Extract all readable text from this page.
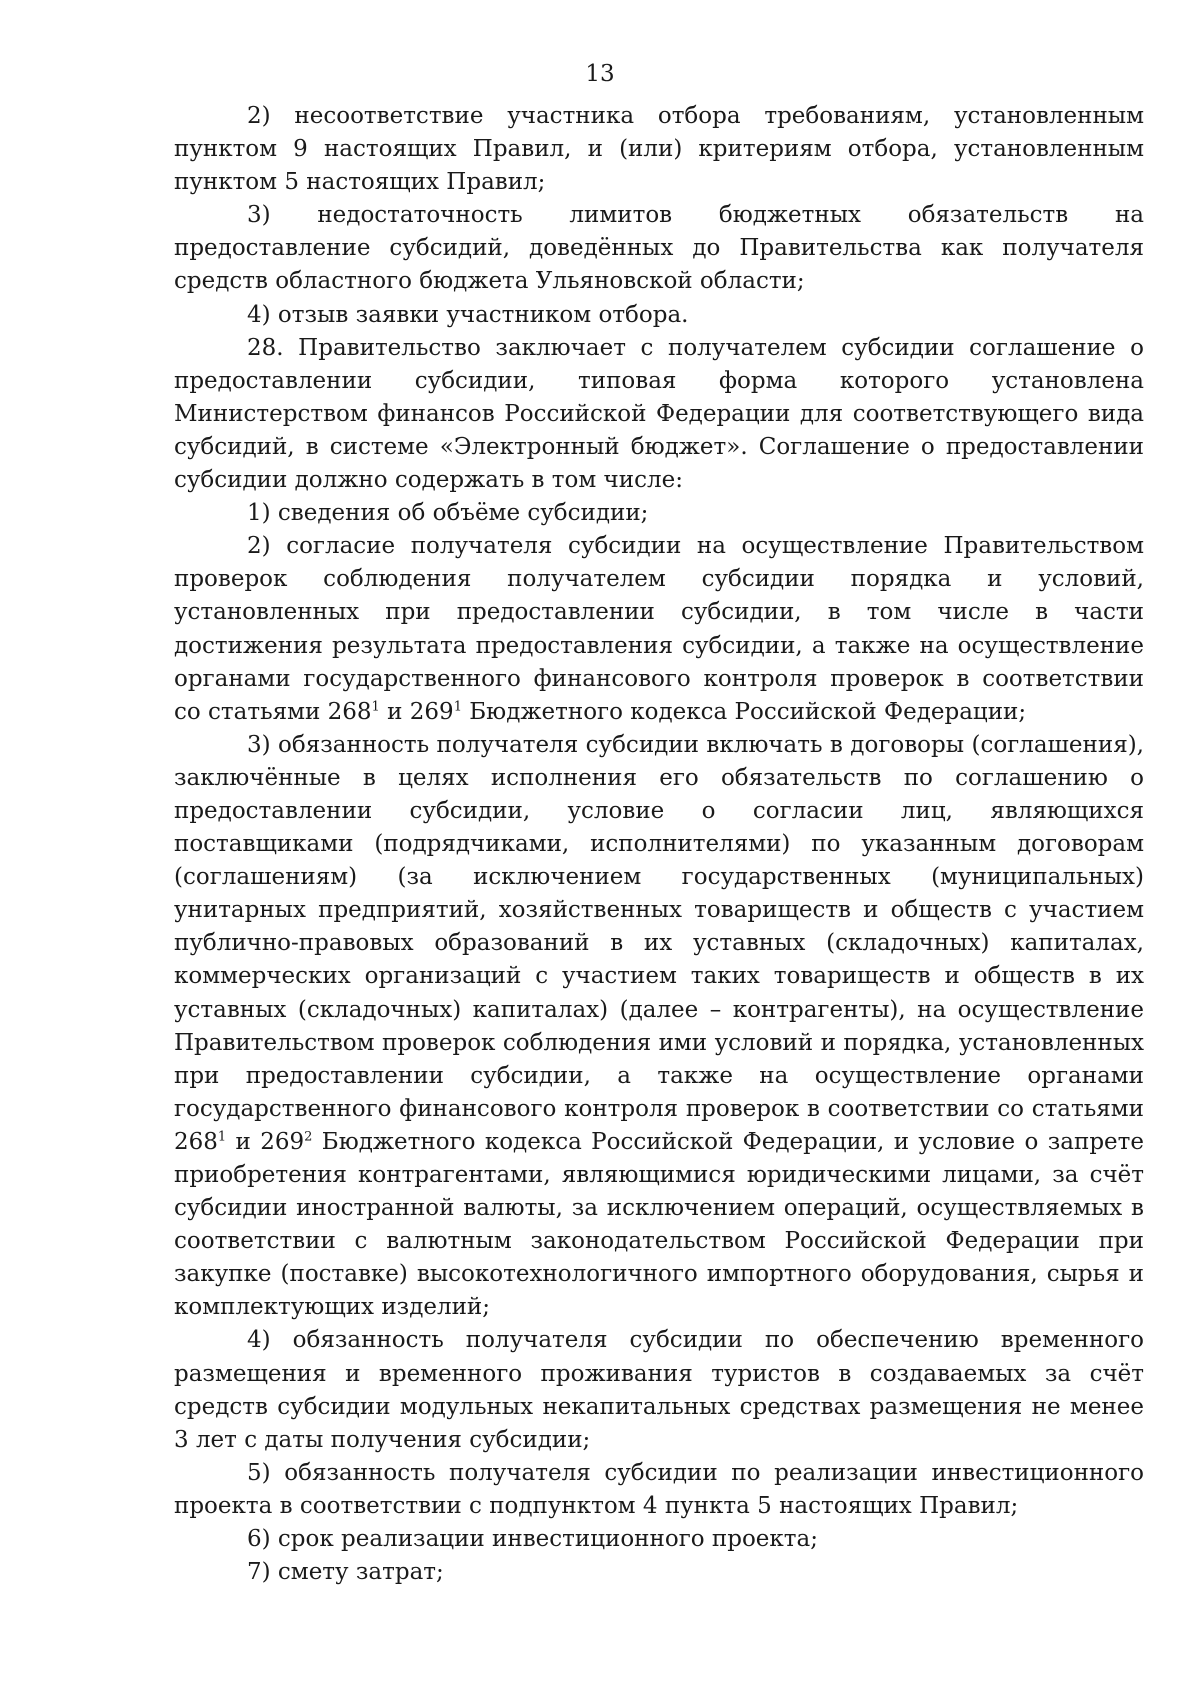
13

2) несоответствие участника отбора требованиям, установленным пунктом 9 настоящих Правил, и (или) критериям отбора, установленным пунктом 5 настоящих Правил;

3) недостаточность лимитов бюджетных обязательств на предоставление субсидий, доведённых до Правительства как получателя средств областного бюджета Ульяновской области;

4) отзыв заявки участником отбора.

28. Правительство заключает с получателем субсидии соглашение о предоставлении субсидии, типовая форма которого установлена Министерством финансов Российской Федерации для соответствующего вида субсидий, в системе «Электронный бюджет». Соглашение о предоставлении субсидии должно содержать в том числе:

1) сведения об объёме субсидии;

2) согласие получателя субсидии на осуществление Правительством проверок соблюдения получателем субсидии порядка и условий, установленных при предоставлении субсидии, в том числе в части достижения результата предоставления субсидии, а также на осуществление органами государственного финансового контроля проверок в соответствии со статьями $268^1$ и $269^1$ Бюджетного кодекса Российской Федерации;

3) обязанность получателя субсидии включать в договоры (соглашения), заключённые в целях исполнения его обязательств по соглашению о предоставлении субсидии, условие о согласии лиц, являющихся поставщиками (подрядчиками, исполнителями) по указанным договорам (соглашениям) (за исключением государственных (муниципальных) унитарных предприятий, хозяйственных товариществ и обществ с участием публично-правовых образований в их уставных (складочных) капиталах, коммерческих организаций с участием таких товариществ и обществ в их уставных (складочных) капиталах) (далее – контрагенты), на осуществление Правительством проверок соблюдения ими условий и порядка, установленных при предоставлении субсидии, а также на осуществление органами государственного финансового контроля проверок в соответствии со статьями $268^1$ и $269^2$ Бюджетного кодекса Российской Федерации, и условие о запрете приобретения контрагентами, являющимися юридическими лицами, за счёт субсидии иностранной валюты, за исключением операций, осуществляемых в соответствии с валютным законодательством Российской Федерации при закупке (поставке) высокотехнологичного импортного оборудования, сырья и комплектующих изделий;

4) обязанность получателя субсидии по обеспечению временного размещения и временного проживания туристов в создаваемых за счёт средств субсидии модульных некапитальных средствах размещения не менее 3 лет с даты получения субсидии;

5) обязанность получателя субсидии по реализации инвестиционного проекта в соответствии с подпунктом 4 пункта 5 настоящих Правил;

6) срок реализации инвестиционного проекта;

7) смету затрат;
